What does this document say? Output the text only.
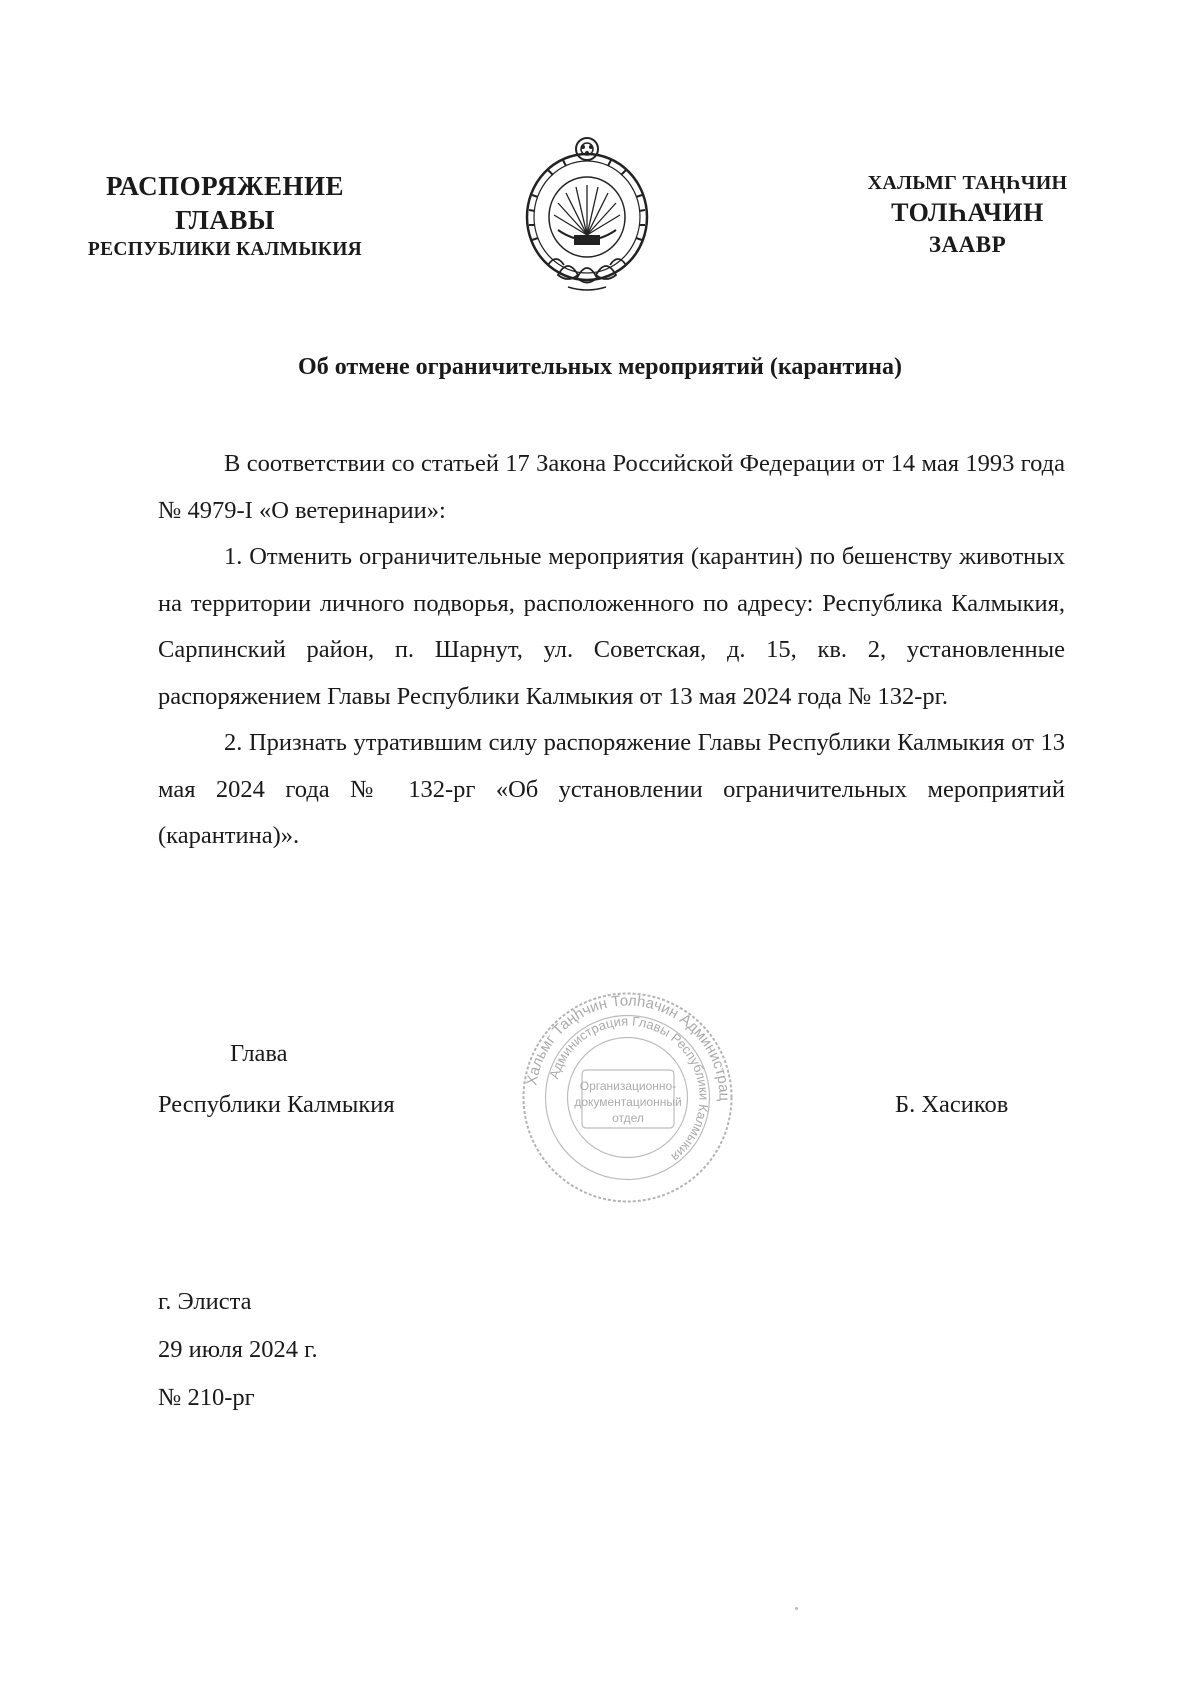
РАСПОРЯЖЕНИЕ
ГЛАВЫ
РЕСПУБЛИКИ КАЛМЫКИЯ
ХАЛЬМГ ТАҢҺЧИН
ТОЛҺАЧИН
ЗААВР
Об отмене ограничительных мероприятий (карантина)

В соответствии со статьей 17 Закона Российской Федерации от 14 мая 1993 года № 4979-I «О ветеринарии»:

1. Отменить ограничительные мероприятия (карантин) по бешенству животных на территории личного подворья, расположенного по адресу: Республика Калмыкия, Сарпинский район, п. Шарнут, ул. Советская, д. 15, кв. 2, установленные распоряжением Главы Республики Калмыкия от 13 мая 2024 года № 132-рг.

2. Признать утратившим силу распоряжение Главы Республики Калмыкия от 13 мая 2024 года № 132-рг «Об установлении ограничительных мероприятий (карантина)».

Глава
Республики Калмыкия	Б. Хасиков
Хальмг Таңһчин Толһачин Администрац
Администрация Главы Республики Калмыкия
Организационно-
документационный
отдел
г. Элиста
29 июля 2024 г.
№ 210-рг
